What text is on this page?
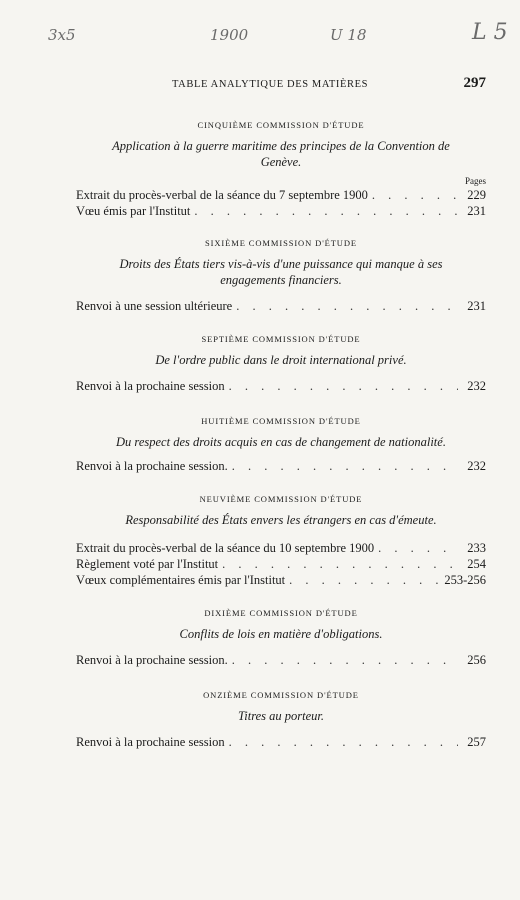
3x5	1900	U 18	L 5
TABLE ANALYTIQUE DES MATIÈRES	297
CINQUIÈME COMMISSION D'ÉTUDE
Application à la guerre maritime des principes de la Convention de Genève.
Pages
Extrait du procès-verbal de la séance du 7 septembre 1900 . . .	229
Vœu émis par l'Institut . . .	231
SIXIÈME COMMISSION D'ÉTUDE
Droits des États tiers vis-à-vis d'une puissance qui manque à ses engagements financiers.
Renvoi à une session ultérieure . . .	231
SEPTIÈME COMMISSION D'ÉTUDE
De l'ordre public dans le droit international privé.
Renvoi à la prochaine session . . .	232
HUITIÈME COMMISSION D'ÉTUDE
Du respect des droits acquis en cas de changement de nationalité.
Renvoi à la prochaine session. . . .	232
NEUVIÈME COMMISSION D'ÉTUDE
Responsabilité des États envers les étrangers en cas d'émeute.
Extrait du procès-verbal de la séance du 10 septembre 1900 . . .	233
Règlement voté par l'Institut . . .	254
Vœux complémentaires émis par l'Institut . . .	253-256
DIXIÈME COMMISSION D'ÉTUDE
Conflits de lois en matière d'obligations.
Renvoi à la prochaine session. . . .	256
ONZIÈME COMMISSION D'ÉTUDE
Titres au porteur.
Renvoi à la prochaine session . . .	257
